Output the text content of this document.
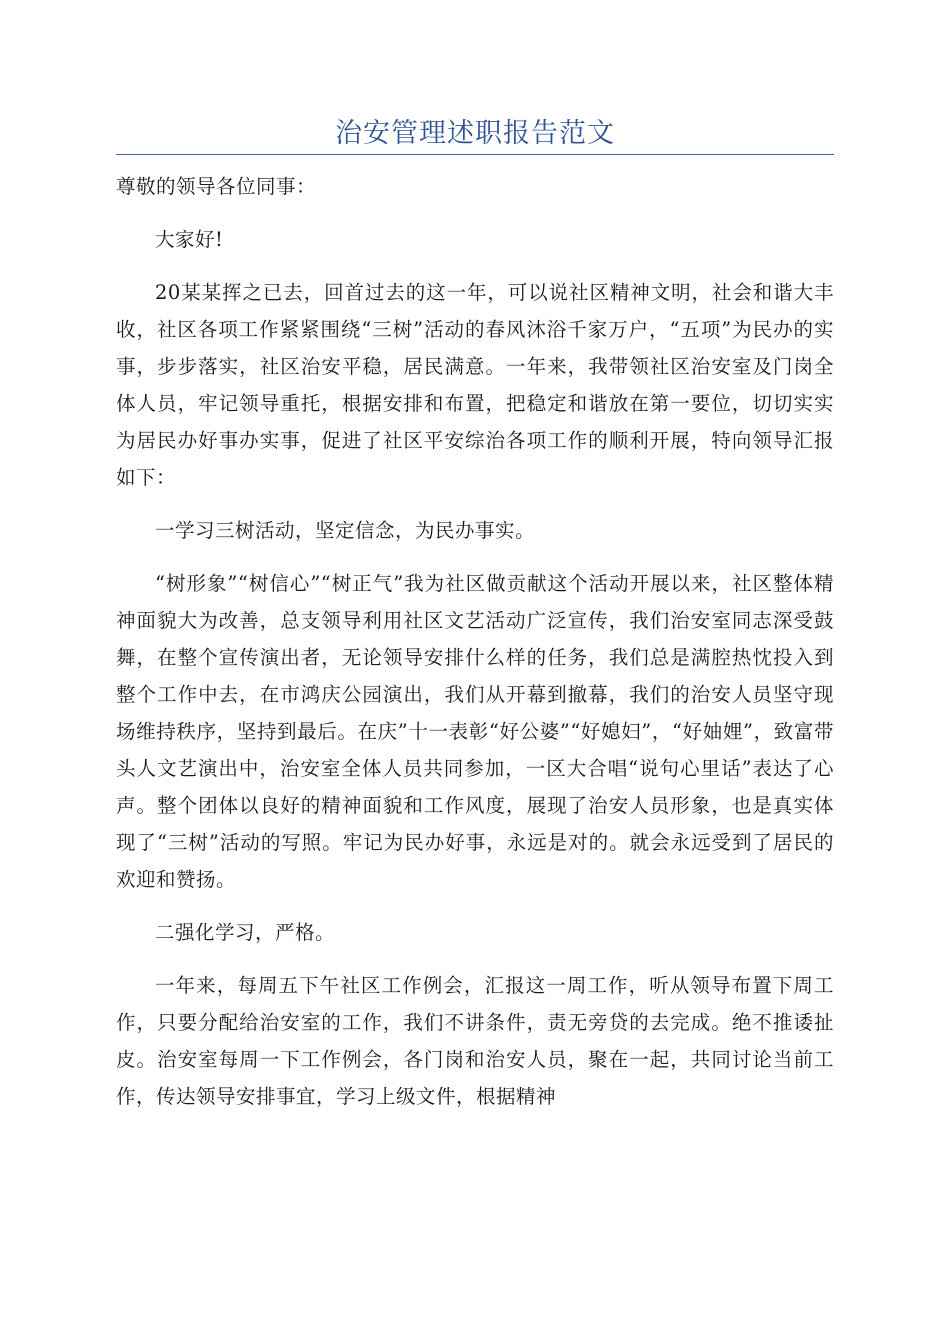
治安管理述职报告范文

尊敬的领导各位同事：

大家好!

20某某挥之已去，回首过去的这一年，可以说社区精神文明，社会和谐大丰收，社区各项工作紧紧围绕“三树”活动的春风沐浴千家万户，“五项”为民办的实事，步步落实，社区治安平稳，居民满意。一年来，我带领社区治安室及门岗全体人员，牢记领导重托，根据安排和布置，把稳定和谐放在第一要位，切切实实为居民办好事办实事，促进了社区平安综治各项工作的顺利开展，特向领导汇报如下：

一学习三树活动，坚定信念，为民办事实。

“树形象”“树信心”“树正气”我为社区做贡献这个活动开展以来，社区整体精神面貌大为改善，总支领导利用社区文艺活动广泛宣传，我们治安室同志深受鼓舞，在整个宣传演出者，无论领导安排什么样的任务，我们总是满腔热忱投入到整个工作中去，在市鸿庆公园演出，我们从开幕到撤幕，我们的治安人员坚守现场维持秩序，坚持到最后。在庆”十一表彰“好公婆”“好媳妇”，“好妯娌”，致富带头人文艺演出中，治安室全体人员共同参加，一区大合唱“说句心里话”表达了心声。整个团体以良好的精神面貌和工作风度，展现了治安人员形象，也是真实体现了“三树”活动的写照。牢记为民办好事，永远是对的。就会永远受到了居民的欢迎和赞扬。

二强化学习，严格。

一年来，每周五下午社区工作例会，汇报这一周工作，听从领导布置下周工作，只要分配给治安室的工作，我们不讲条件，责无旁贷的去完成。绝不推诿扯皮。治安室每周一下工作例会，各门岗和治安人员，聚在一起，共同讨论当前工作，传达领导安排事宜，学习上级文件，根据精神
